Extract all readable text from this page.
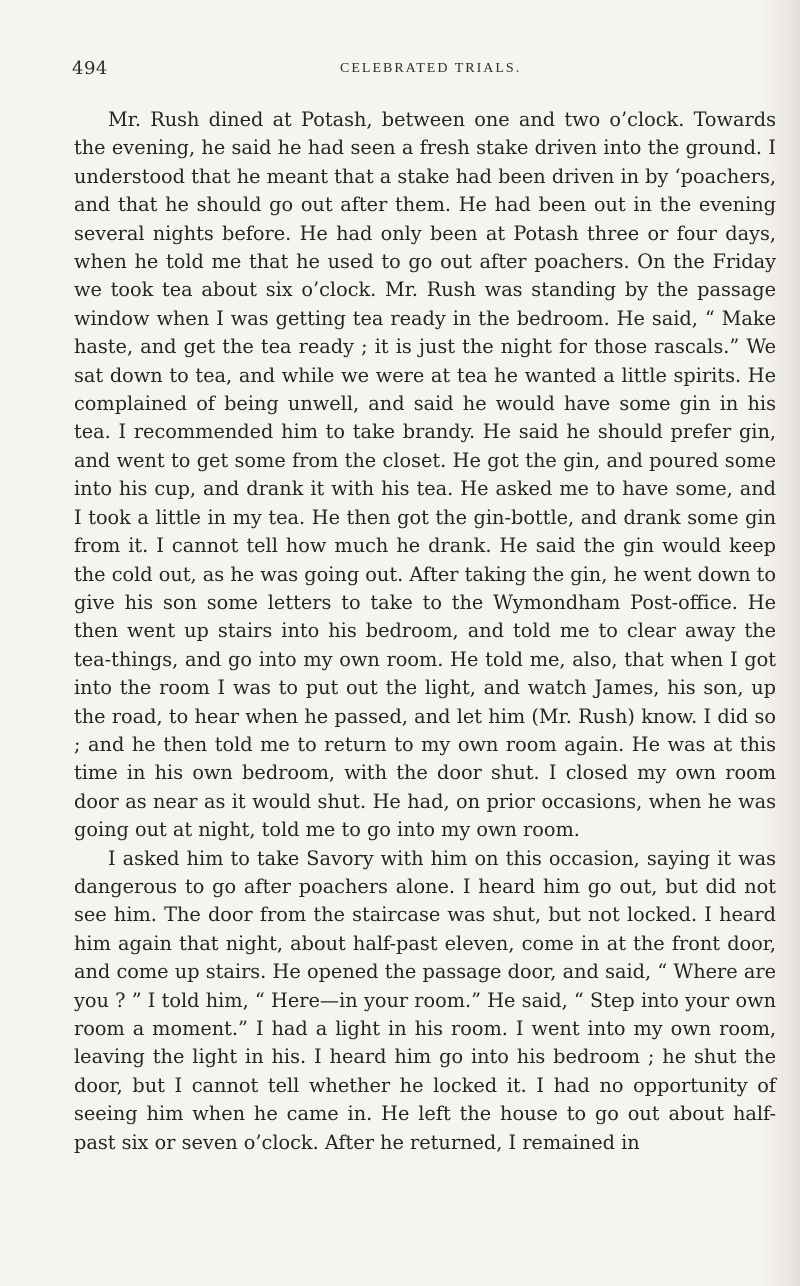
494	CELEBRATED TRIALS.

Mr. Rush dined at Potash, between one and two o’clock. Towards the evening, he said he had seen a fresh stake driven into the ground. I understood that he meant that a stake had been driven in by ‘poachers, and that he should go out after them. He had been out in the evening several nights before. He had only been at Potash three or four days, when he told me that he used to go out after poachers. On the Friday we took tea about six o’clock. Mr. Rush was standing by the passage window when I was getting tea ready in the bedroom. He said, “ Make haste, and get the tea ready ; it is just the night for those rascals.” We sat down to tea, and while we were at tea he wanted a little spirits. He complained of being unwell, and said he would have some gin in his tea. I recommended him to take brandy. He said he should prefer gin, and went to get some from the closet. He got the gin, and poured some into his cup, and drank it with his tea. He asked me to have some, and I took a little in my tea. He then got the gin-bottle, and drank some gin from it. I cannot tell how much he drank. He said the gin would keep the cold out, as he was going out. After taking the gin, he went down to give his son some letters to take to the Wymondham Post-office. He then went up stairs into his bedroom, and told me to clear away the tea-things, and go into my own room. He told me, also, that when I got into the room I was to put out the light, and watch James, his son, up the road, to hear when he passed, and let him (Mr. Rush) know. I did so ; and he then told me to return to my own room again. He was at this time in his own bedroom, with the door shut. I closed my own room door as near as it would shut. He had, on prior occasions, when he was going out at night, told me to go into my own room.

I asked him to take Savory with him on this occasion, saying it was dangerous to go after poachers alone. I heard him go out, but did not see him. The door from the staircase was shut, but not locked. I heard him again that night, about half-past eleven, come in at the front door, and come up stairs. He opened the passage door, and said, “ Where are you ? ” I told him, “ Here—in your room.” He said, “ Step into your own room a moment.” I had a light in his room. I went into my own room, leaving the light in his. I heard him go into his bedroom ; he shut the door, but I cannot tell whether he locked it. I had no opportunity of seeing him when he came in. He left the house to go out about half-past six or seven o’clock. After he returned, I remained in
